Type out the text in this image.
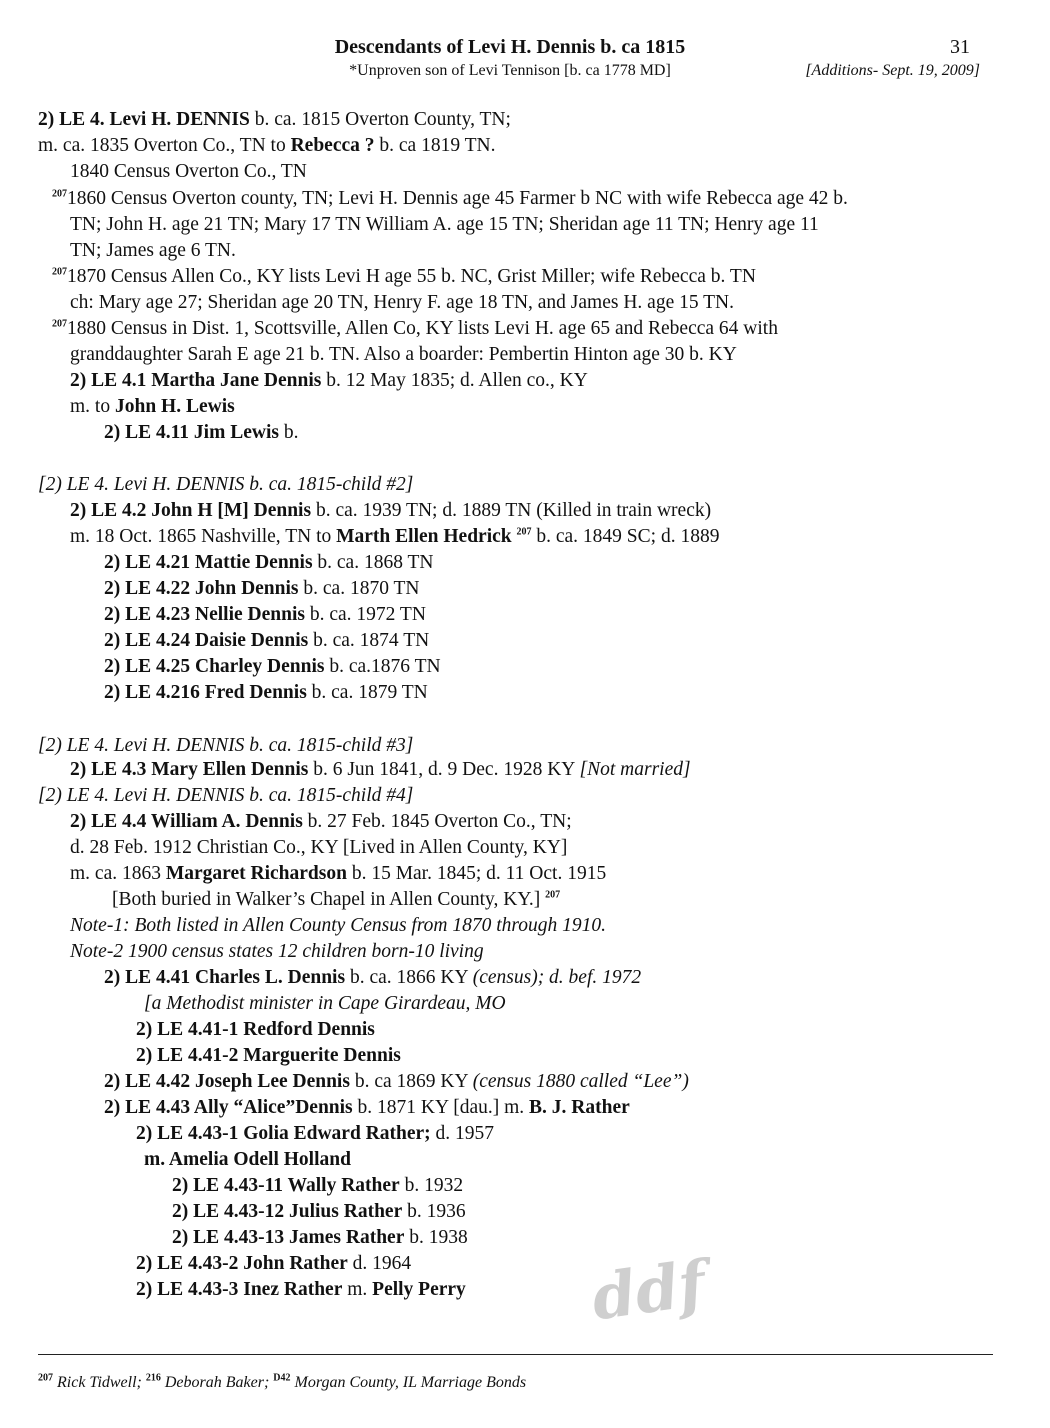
Descendants of Levi H. Dennis b. ca 1815
*Unproven son of Levi Tennison [b. ca 1778 MD]
31
[Additions- Sept. 19, 2009]
2) LE 4. Levi H. DENNIS b. ca. 1815 Overton County, TN;
m. ca. 1835 Overton Co., TN to Rebecca ? b. ca 1819 TN.
1840 Census Overton Co., TN
$^{207}$1860 Census Overton county, TN; Levi H. Dennis age 45 Farmer b NC with wife Rebecca age 42 b.
TN; John H. age 21 TN; Mary 17 TN William A. age 15 TN; Sheridan age 11 TN; Henry age 11
TN; James age 6 TN.
$^{207}$1870 Census Allen Co., KY lists Levi H age 55 b. NC, Grist Miller; wife Rebecca b. TN
ch: Mary age 27; Sheridan age 20 TN, Henry F. age 18 TN, and James H. age 15 TN.
$^{207}$1880 Census in Dist. 1, Scottsville, Allen Co, KY lists Levi H. age 65 and Rebecca 64 with
granddaughter Sarah E age 21 b. TN. Also a boarder: Pembertin Hinton age 30 b. KY
2) LE 4.1 Martha Jane Dennis b. 12 May 1835; d. Allen co., KY
m. to John H. Lewis
2) LE 4.11 Jim Lewis b.
[2) LE 4. Levi H. DENNIS b. ca. 1815-child #2]
2) LE 4.2 John H [M] Dennis b. ca. 1939 TN; d. 1889 TN (Killed in train wreck)
m. 18 Oct. 1865 Nashville, TN to Marth Ellen Hedrick $^{207}$ b. ca. 1849 SC; d. 1889
2) LE 4.21 Mattie Dennis b. ca. 1868 TN
2) LE 4.22 John Dennis b. ca. 1870 TN
2) LE 4.23 Nellie Dennis b. ca. 1972 TN
2) LE 4.24 Daisie Dennis b. ca. 1874 TN
2) LE 4.25 Charley Dennis b. ca.1876 TN
2) LE 4.216 Fred Dennis b. ca. 1879 TN
[2) LE 4. Levi H. DENNIS b. ca. 1815-child #3]
2) LE 4.3 Mary Ellen Dennis b. 6 Jun 1841, d. 9 Dec. 1928 KY [Not married]
[2) LE 4. Levi H. DENNIS b. ca. 1815-child #4]
2) LE 4.4 William A. Dennis b. 27 Feb. 1845 Overton Co., TN;
d. 28 Feb. 1912 Christian Co., KY [Lived in Allen County, KY]
m. ca. 1863 Margaret Richardson b. 15 Mar. 1845; d. 11 Oct. 1915
[Both buried in Walker’s Chapel in Allen County, KY.] $^{207}$
Note-1: Both listed in Allen County Census from 1870 through 1910.
Note-2 1900 census states 12 children born-10 living
2) LE 4.41 Charles L. Dennis b. ca. 1866 KY (census); d. bef. 1972
[a Methodist minister in Cape Girardeau, MO
2) LE 4.41-1 Redford Dennis
2) LE 4.41-2 Marguerite Dennis
2) LE 4.42 Joseph Lee Dennis b. ca 1869 KY (census 1880 called “Lee”)
2) LE 4.43 Ally “Alice”Dennis b. 1871 KY [dau.] m. B. J. Rather
2) LE 4.43-1 Golia Edward Rather; d. 1957
m. Amelia Odell Holland
2) LE 4.43-11 Wally Rather b. 1932
2) LE 4.43-12 Julius Rather b. 1936
2) LE 4.43-13 James Rather b. 1938
2) LE 4.43-2 John Rather d. 1964
2) LE 4.43-3 Inez Rather m. Pelly Perry ddf
$^{207}$ Rick Tidwell; $^{216}$ Deborah Baker; $^{D42}$ Morgan County, IL Marriage Bonds
